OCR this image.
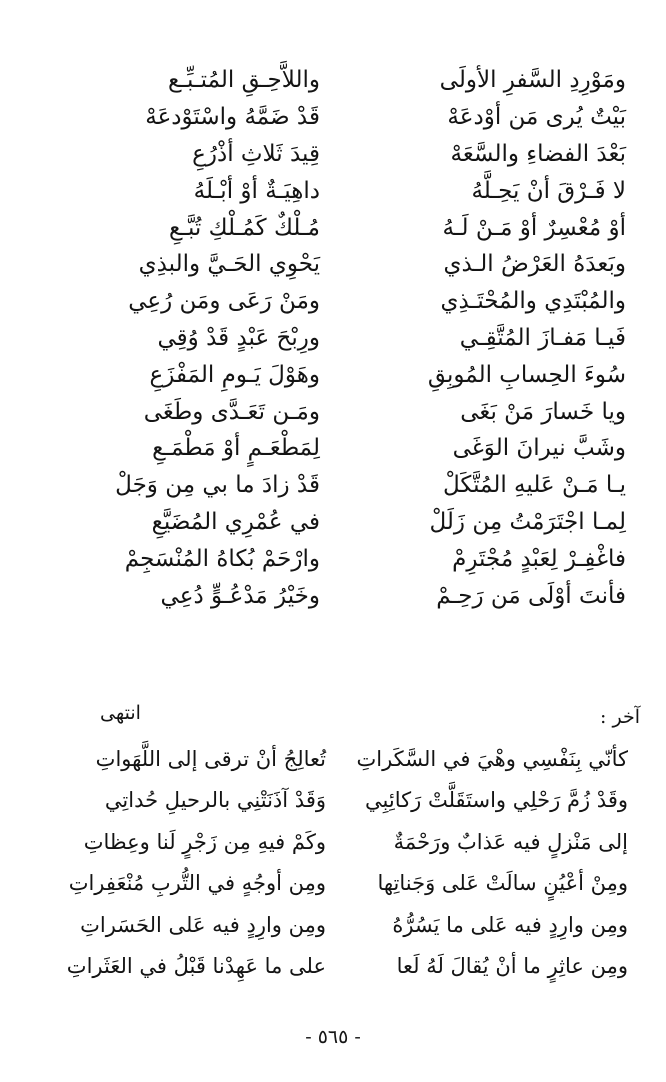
ومَوْرِدِ السَّفرِ الأولَى
واللاَّحِـقِ المُتـبِّـع
بَيْتٌ يُرى مَن أوْدعَهْ
قَدْ ضَمَّهُ واسْتَوْدعَهْ
بَعْدَ الفضاءِ والسَّعَهْ
قِيدَ ثَلاثِ أذْرُعِ
لا فَـرْقَ أنْ يَحِـلَّهُ
داهِيَـةٌ أوْ أبْـلَهُ
أوْ مُعْسِرٌ أوْ مَـنْ لَـهُ
مُـلْكٌ كَمُـلْكِ تُبَّـعِ
وبَعدَهُ العَرْضُ الـذي
يَحْوِي الحَـيَّ والبذِي
والمُبْتَدِي والمُحْتَـذِي
ومَنْ رَعَى ومَن رُعِي
فَيـا مَفـازَ المُتَّقِـي
ورِبْحَ عَبْدٍ قَدْ وُقِي
سُوءَ الحِسابِ المُوبِقِ
وهَوْلَ يَـومِ المَفْزَعِ
ويا خَسارَ مَنْ بَغَى
ومَـن تَعَـدَّى وطَغَى
وشَبَّ نيرانَ الوَغَى
لِمَطْعَـمٍ أوْ مَطْمَـعِ
يـا مَـنْ عَليهِ المُتَّكَلْ
قَدْ زادَ ما بي مِن وَجَلْ
لِمـا اجْتَرَمْتُ مِن زَلَلْ
في عُمْرِي المُضَيَّعِ
فاغْفِـرْ لِعَبْدٍ مُجْتَرِمْ
وارْحَمْ بُكاهُ المُنْسَجِمْ
فأنتَ أوْلَى مَن رَحِـمْ
وخَيْرُ مَدْعُـوٍّ دُعِي
انتهى	آخر :
كأنّي بِنَفْسِي وهْيَ في السَّكَراتِ
تُعالِجُ أنْ ترقى إلى اللَّهَواتِ
وقَدْ زُمَّ رَحْلِي واستَقَلَّتْ رَكائِبِي
وَقَدْ آذَنَتْنِي بالرحيلِ حُداتِي
إلى مَنْزلٍ فيه عَذابٌ ورَحْمَةٌ
وكَمْ فيهِ مِن زَجْرٍ لَنا وعِظاتِ
ومِنْ أعْيُنٍ سالَتْ عَلى وَجَناتِها
ومِن أوجُهٍ في التُّربِ مُنْعَفِراتِ
ومِن وارِدٍ فيه عَلى ما يَسُرُّهُ
ومِن وارِدٍ فيه عَلى الحَسَراتِ
ومِن عاثِرٍ ما أنْ يُقالَ لَهُ لَعا
على ما عَهِدْنا قَبْلُ في العَثَراتِ
- ٥٦٥ -
